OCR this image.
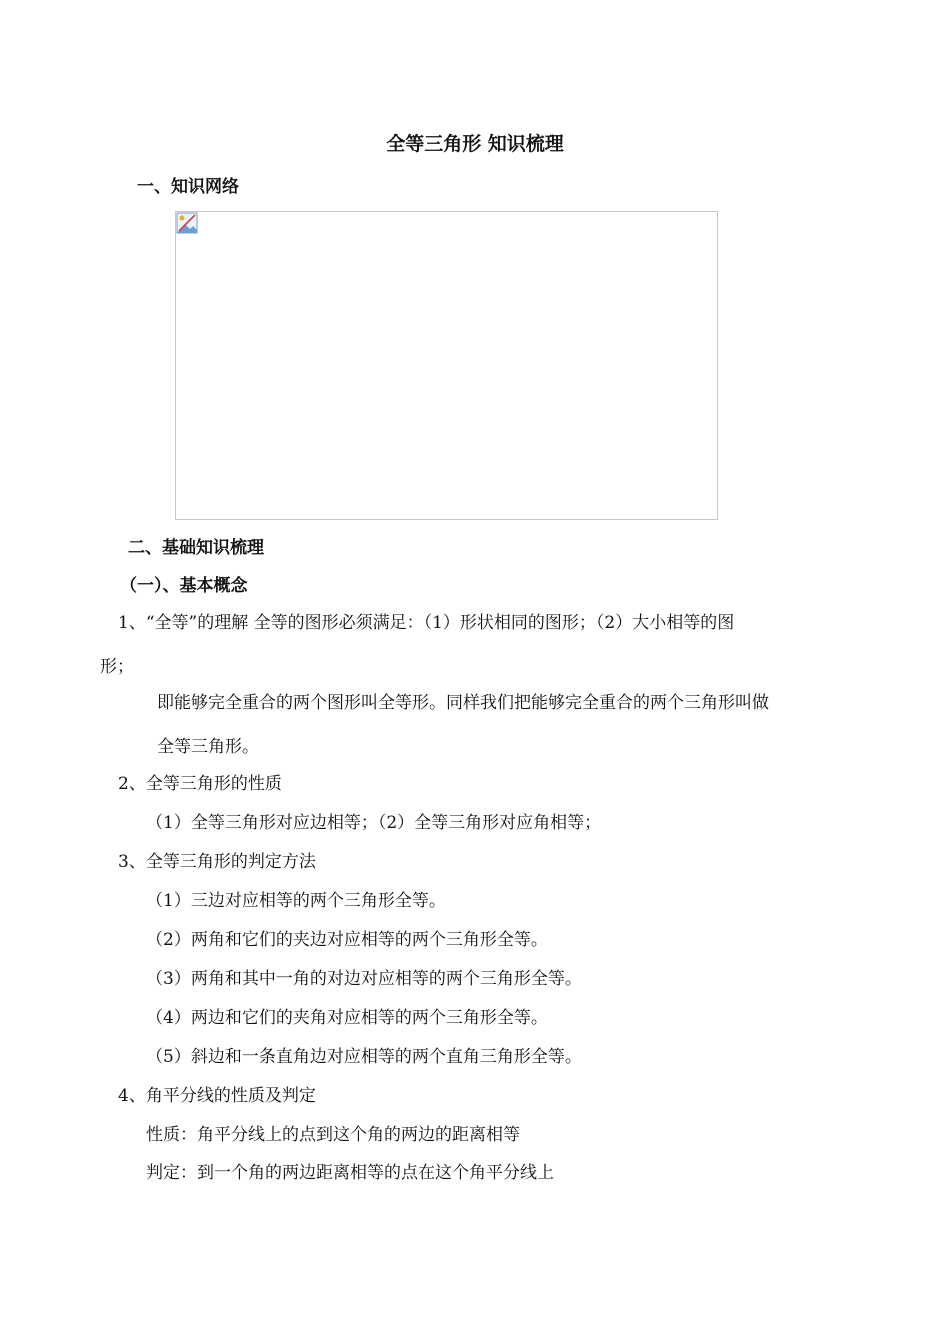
全等三角形 知识梳理
一、知识网络
二、基础知识梳理
（一）、基本概念
1、“全等”的理解 全等的图形必须满足：（1）形状相同的图形；（2）大小相等的图
形；
即能够完全重合的两个图形叫全等形。同样我们把能够完全重合的两个三角形叫做
全等三角形。
2、全等三角形的性质
（1）全等三角形对应边相等；（2）全等三角形对应角相等；
3、全等三角形的判定方法
（1）三边对应相等的两个三角形全等。
（2）两角和它们的夹边对应相等的两个三角形全等。
（3）两角和其中一角的对边对应相等的两个三角形全等。
（4）两边和它们的夹角对应相等的两个三角形全等。
（5）斜边和一条直角边对应相等的两个直角三角形全等。
4、角平分线的性质及判定
性质：角平分线上的点到这个角的两边的距离相等
判定：到一个角的两边距离相等的点在这个角平分线上
